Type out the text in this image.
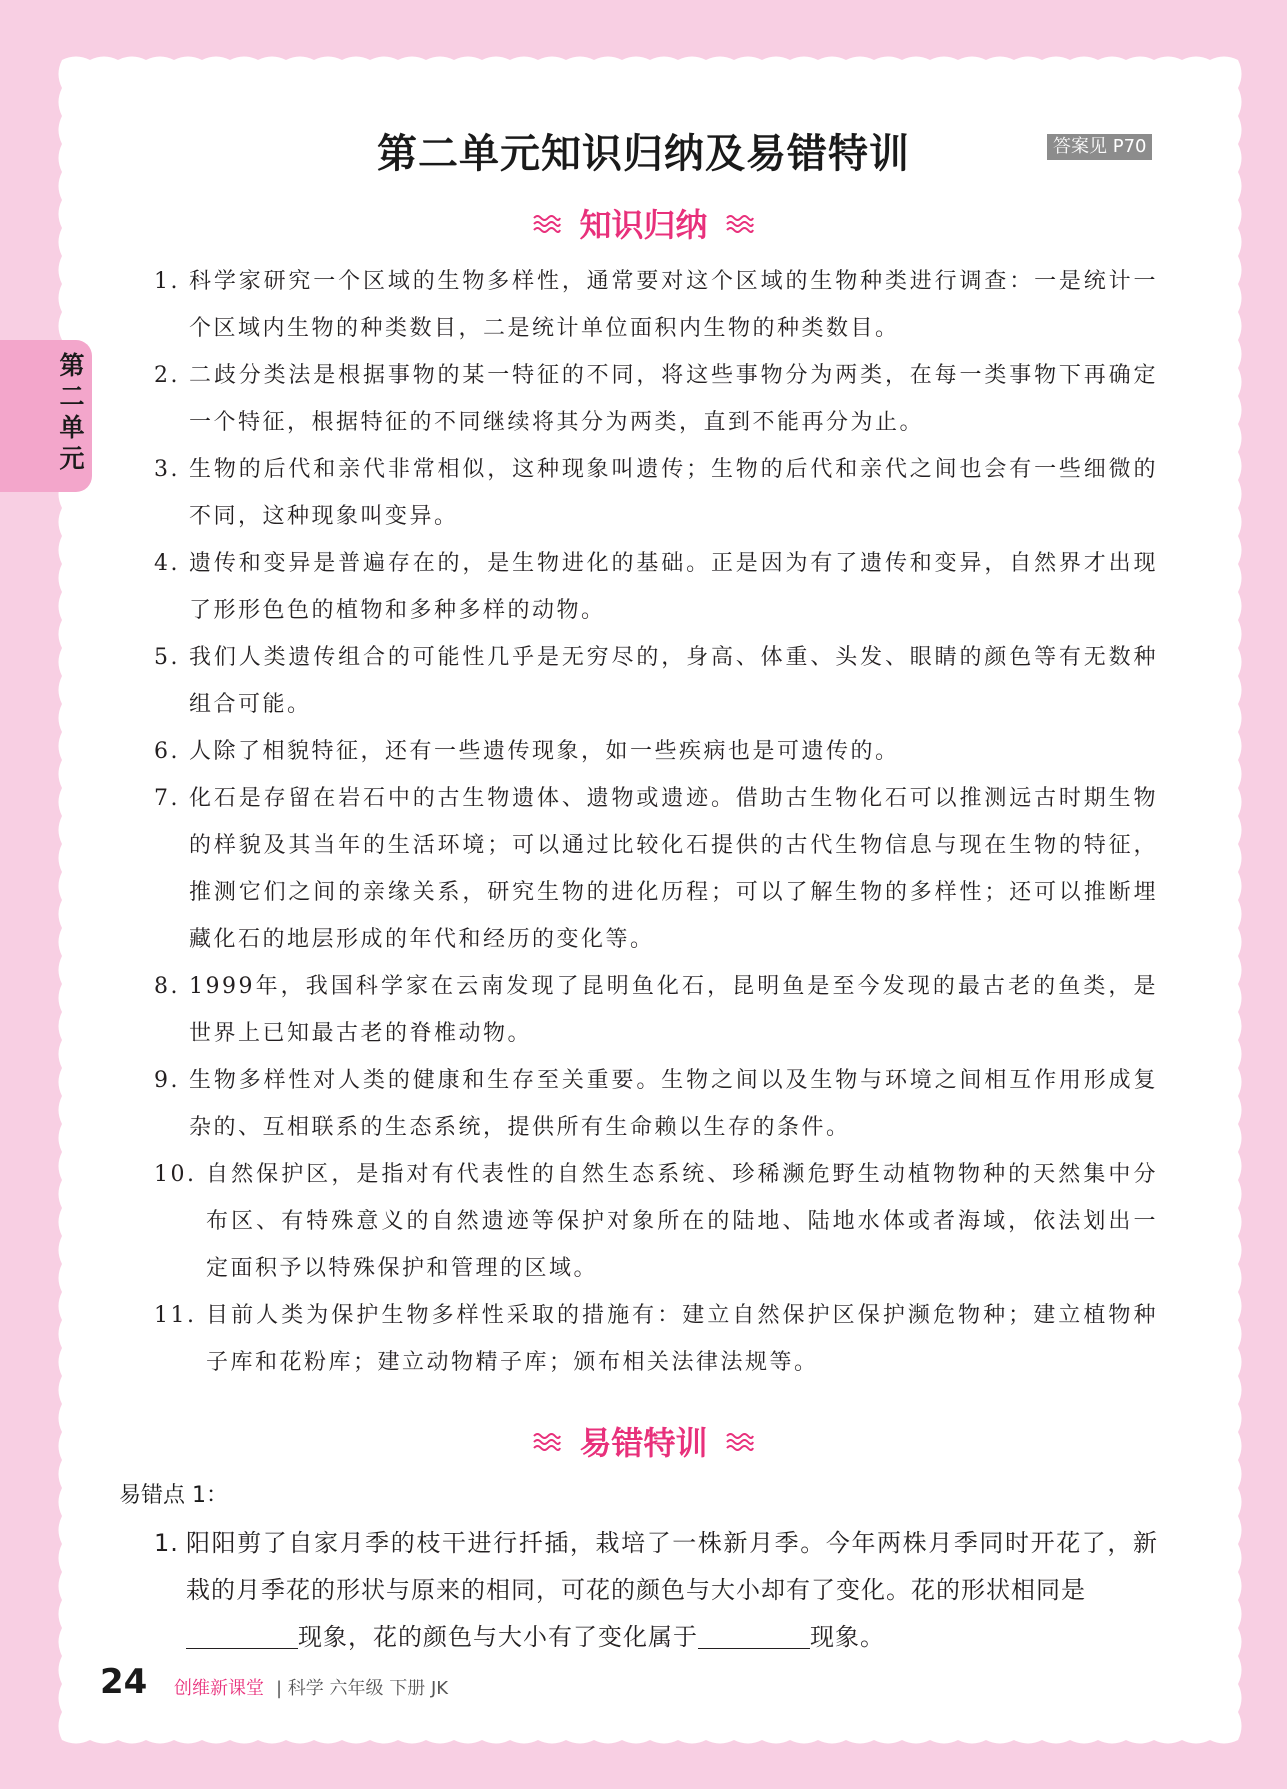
第二单元
第二单元知识归纳及易错特训	答案见 P70
知识归纳
1. 科学家研究一个区域的生物多样性，通常要对这个区域的生物种类进行调查：一是统计一个区域内生物的种类数目，二是统计单位面积内生物的种类数目。
2. 二歧分类法是根据事物的某一特征的不同，将这些事物分为两类，在每一类事物下再确定一个特征，根据特征的不同继续将其分为两类，直到不能再分为止。
3. 生物的后代和亲代非常相似，这种现象叫遗传；生物的后代和亲代之间也会有一些细微的不同，这种现象叫变异。
4. 遗传和变异是普遍存在的，是生物进化的基础。正是因为有了遗传和变异，自然界才出现了形形色色的植物和多种多样的动物。
5. 我们人类遗传组合的可能性几乎是无穷尽的，身高、体重、头发、眼睛的颜色等有无数种组合可能。
6. 人除了相貌特征，还有一些遗传现象，如一些疾病也是可遗传的。
7. 化石是存留在岩石中的古生物遗体、遗物或遗迹。借助古生物化石可以推测远古时期生物的样貌及其当年的生活环境；可以通过比较化石提供的古代生物信息与现在生物的特征，推测它们之间的亲缘关系，研究生物的进化历程；可以了解生物的多样性；还可以推断埋藏化石的地层形成的年代和经历的变化等。
8. 1999年，我国科学家在云南发现了昆明鱼化石，昆明鱼是至今发现的最古老的鱼类，是世界上已知最古老的脊椎动物。
9. 生物多样性对人类的健康和生存至关重要。生物之间以及生物与环境之间相互作用形成复杂的、互相联系的生态系统，提供所有生命赖以生存的条件。
10. 自然保护区，是指对有代表性的自然生态系统、珍稀濒危野生动植物物种的天然集中分布区、有特殊意义的自然遗迹等保护对象所在的陆地、陆地水体或者海域，依法划出一定面积予以特殊保护和管理的区域。
11. 目前人类为保护生物多样性采取的措施有：建立自然保护区保护濒危物种；建立植物种子库和花粉库；建立动物精子库；颁布相关法律法规等。
易错特训
易错点 1：
1. 阳阳剪了自家月季的枝干进行扦插，栽培了一株新月季。今年两株月季同时开花了，新栽的月季花的形状与原来的相同，可花的颜色与大小却有了变化。花的形状相同是
现象，花的颜色与大小有了变化属于	现象。
24 创维新课堂 | 科学 六年级 下册 JK
